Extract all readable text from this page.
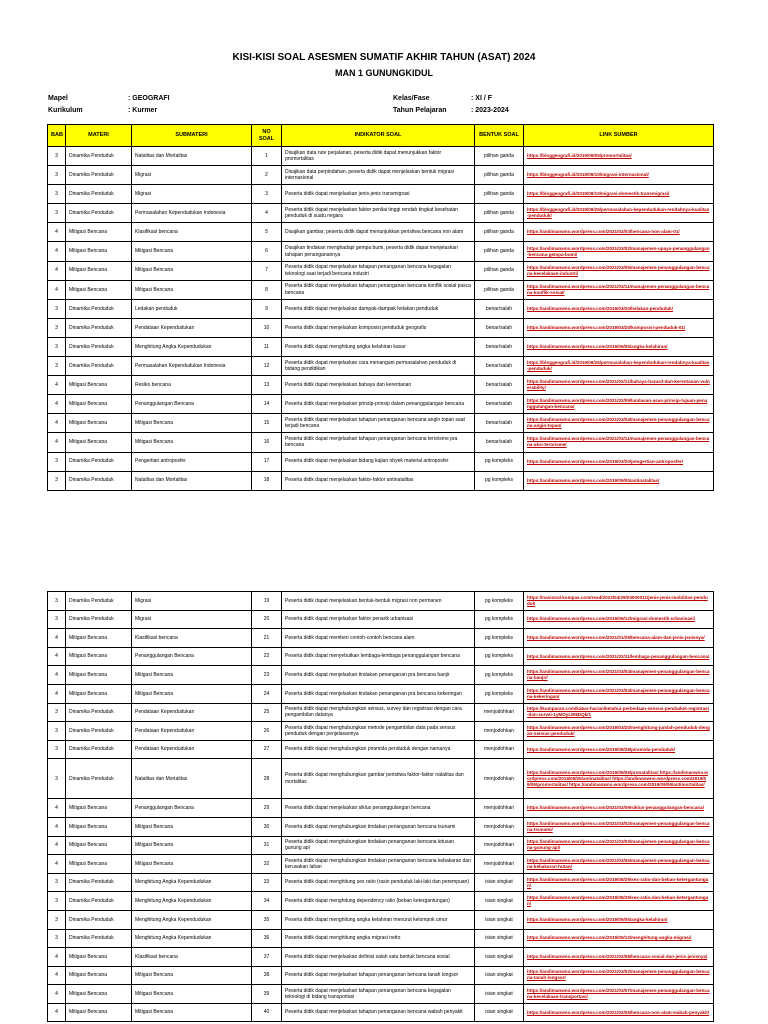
KISI-KISI SOAL ASESMEN SUMATIF AKHIR TAHUN (ASAT) 2024
MAN 1 GUNUNGKIDUL
Mapel	: GEOGRAFI
Kurikulum	: Kurmer
Kelas/Fase	: XI / F
Tahun Pelajaran	: 2023-2024
BAB	MATERI	SUBMATERI	NO SOAL	INDIKATOR SOAL	BENTUK SOAL	LINK SUMBER
3	Dinamika Penduduk	Natalitas dan Mortalitas	1	Disajikan data rute perjalanan, peserta didik dapat menunjukkan faktor promortalitas	pilihan ganda	https://bloggeografi.id/2019/09/05/promortalitas/
3	Dinamika Penduduk	Migrasi	2	Disajikan data perpindahan, peserta didik dapat menjelaskan bentuk migrasi internasional	pilihan ganda	https://bloggeografi.id/2019/09/10/migrasi-internasional/
3	Dinamika Penduduk	Migrasi	3	Peserta didik dapat menjelaskan jenis-jenis transmigrasi	pilihan ganda	https://bloggeografi.id/2019/09/10/migrasi-domestik-transmigrasi/
3	Dinamika Penduduk	Permasalahan Kependudukan Indonesia	4	Peserta didik dapat menjelaskan faktor penilai tinggi rendah tingkat kesehatan penduduk di suatu negara	pilihan ganda	https://bloggeografi.id/2019/09/26/permasalahan-kependudukan-rendahnya-kualitas-penduduk/
4	Mitigasi Bencana	Klasifikasi bencana	5	Disajikan gambar, peserta didik dapat menunjukkan peristiwa bencana non alam	pilihan ganda	https://andimanwno.wordpress.com/2021/02/03/bencana-non-alam-01/
4	Mitigasi Bencana	Mitigasi Bencana	6	Disajikan tindakan menghadapi gempa bumi, peserta didik dapat menjelaskan tahapan penanganannya	pilihan ganda	https://andimanwno.wordpress.com/2021/03/02/manajemen-upaya-penanggulangan-bencana-gempa-bumi/
4	Mitigasi Bencana	Mitigasi Bencana	7	Peserta didik dapat menjelaskan tahapan penanganan bencana kegagalan teknologi saat terjadi bencana industri	pilihan ganda	https://andimanwno.wordpress.com/2021/03/05/manajemen-penanggulangan-bencana-kecelakaan-industri/
4	Mitigasi Bencana	Mitigasi Bencana	8	Peserta didik dapat menjelaskan tahapan penanganan bencana konflik sosial pasca bencana	pilihan ganda	https://andimanwno.wordpress.com/2021/03/11/manajemen-penanggulangan-bencana-konflik-sosial/
3	Dinamika Penduduk	Ledakan penduduk	9	Peserta didik dapat menjelaskan dampak-dampak ledakan penduduk	benar/salah	https://andimanwno.wordpress.com/2019/03/20/ledakan-penduduk/
3	Dinamika Penduduk	Pendataan Kependudukan	10	Peserta didik dapat menjelaskan komposisi penduduk geografis	benar/salah	https://andimanwno.wordpress.com/2019/03/20/komposisi-penduduk-01/
3	Dinamika Penduduk	Menghitung Angka Kependudukan	11	Peserta didik dapat menghitung angka kelahiran kasar	benar/salah	https://andimanwno.wordpress.com/2019/09/05/angka-kelahiran/
3	Dinamika Penduduk	Permasalahan Kependudukan Indonesia	12	Peserta didik dapat menjelaskan cara menangani permasalahan penduduk di bidang pendidikan	benar/salah	https://bloggeografi.id/2019/09/26/permasalahan-kependudukan-rendahnya-kualitas-penduduk/
4	Mitigasi Bencana	Resiko bencana	13	Peserta didik dapat menjelaskan bahaya dan kerentanan	benar/salah	https://andimanwno.wordpress.com/2021/02/11/bahaya-hazard-dan-kerentanan-vulnerability/
4	Mitigasi Bencana	Penanggulangan Bencana	14	Peserta didik dapat menjelaskan prinsip-prinsip dalam penanggulangan bencana	benar/salah	https://andimanwno.wordpress.com/2021/02/09/landasan-asas-prinsip-tujuan-penanggulangan-bencana/
4	Mitigasi Bencana	Mitigasi Bencana	15	Peserta didik dapat menjelaskan tahapan penanganan bencana angin topan saat terjadi bencana	benar/salah	https://andimanwno.wordpress.com/2021/03/04/manajemen-penanggulangan-bencana-angin-topan/
4	Mitigasi Bencana	Mitigasi Bencana	16	Peserta didik dapat menjelaskan tahapan penanganan bencana terorisme pra bencana	benar/salah	https://andimanwno.wordpress.com/2021/03/11/manajemen-penanggulangan-bencana-aksi-terorisme/
3	Dinamika Penduduk	Pengertian antroposfer	17	Peserta didik dapat menjelaskan bidang kajian obyek material antroposfer	pg kompleks	https://andimanwno.wordpress.com/2019/03/20/pengertian-antroposfer/
3	Dinamika Penduduk	Natalitas dan Mortalitas	18	Peserta didik dapat menjelaskan faktor-faktor antinatalitas	pg kompleks	https://andimanwno.wordpress.com/2019/09/05/antinatalitas/
3	Dinamika Penduduk	Migrasi	19	Peserta didik dapat menjelaskan bentuk-bentuk migrasi non permanen	pg kompleks	https://nasional.kompas.com/read/2022/04/29/03000011/jenis-jenis-mobilitas-penduduk
3	Dinamika Penduduk	Migrasi	20	Peserta didik dapat menjelaskan faktor penarik urbanisasi	pg kompleks	https://andimanwno.wordpress.com/2019/09/12/migrasi-domestik-urbanisasi/
4	Mitigasi Bencana	Klasifikasi bencana	21	Peserta didik dapat memberi contoh-contoh bencana alam	pg kompleks	https://andimanwno.wordpress.com/2021/01/29/bencana-alam-dan-jenis-jenisnya/
4	Mitigasi Bencana	Penanggulangan Bencana	22	Peserta didik dapat menyebutkan lembaga-lembaga penanggulangan bencana	pg kompleks	https://andimanwno.wordpress.com/2021/02/11/lembaga-penanggulangan-bencana/
4	Mitigasi Bencana	Mitigasi Bencana	23	Peserta didik dapat menjelaskan tindakan penanganan pra bencana banjir	pg kompleks	https://andimanwno.wordpress.com/2021/03/04/manajemen-penanggulangan-bencana-banjir/
4	Mitigasi Bencana	Mitigasi Bencana	24	Peserta didik dapat menjelaskan tindakan penanganan pra bencana kekeringan	pg kompleks	https://andimanwno.wordpress.com/2021/03/04/manajemen-penanggulangan-bencana-kekeringan/
3	Dinamika Penduduk	Pendataan Kependudukan	25	Peserta didik dapat menghubungkan sensus, survey dan registrasi dengan cara pengambilan datanya	menjodohkan	https://kumparan.com/kabar-harian/ketahui-perbedaan-sensus-penduduk-registrasi-dan-survei-1yMOyLW8DQk/1
3	Dinamika Penduduk	Pendataan Kependudukan	26	Peserta didik dapat menghubungkan metode pengambilan data pada sensus penduduk dengan penjelasannya	menjodohkan	https://andimanwno.wordpress.com/2019/03/20/menghitung-jumlah-penduduk-dengan-sensus-penduduk/
3	Dinamika Penduduk	Pendataan Kependudukan	27	Peserta didik dapat menghubungkan piramida penduduk dengan namanya	menjodohkan	https://andimanwno.wordpress.com/2019/08/28/piramida-penduduk/
3	Dinamika Penduduk	Natalitas dan Mortalitas	28	Peserta didik dapat menghubungkan gambar peristiwa faktor-faktor natalitas dan mortalitas	menjodohkan	https://andimanwno.wordpress.com/2019/09/05/pronatalitas/ https://andimanwno.wordpress.com/2019/09/05/antinatalitas/ https://andimanwno.wordpress.com/2019/09/05/promortalitas/ https://andimanwno.wordpress.com/2019/09/06/antimortalitas/
4	Mitigasi Bencana	Penanggulangan Bencana	29	Peserta didik dapat menjelaskan siklus penanggulangan bencana	menjodohkan	https://andimanwno.wordpress.com/2021/02/09/siklus-penanggulangan-bencana/
4	Mitigasi Bencana	Mitigasi Bencana	30	Peserta didik dapat menghubungkan tindakan penanganan bencana tsunami	menjodohkan	https://andimanwno.wordpress.com/2021/03/02/manajemen-penanggulangan-bencana-tsunami/
4	Mitigasi Bencana	Mitigasi Bencana	31	Peserta didik dapat menghubungkan tindakan penanganan bencana letusan gunung api	menjodohkan	https://andimanwno.wordpress.com/2021/03/03/manajemen-penanggulangan-bencana-gunung-api/
4	Mitigasi Bencana	Mitigasi Bencana	32	Peserta didik dapat menghubungkan tindakan penanganan bencana kebakaran dan kerusakan lahan	menjodohkan	https://andimanwno.wordpress.com/2021/03/05/manajemen-penanggulangan-bencana-kebakaran-hutan/
3	Dinamika Penduduk	Menghitung Angka Kependudukan	33	Peserta didik dapat menghitung sex ratio (rasio penduduk laki-laki dan perempuan)	isian singkat	https://andimanwno.wordpress.com/2019/08/29/sex-ratio-dan-beban-ketergantungan/
3	Dinamika Penduduk	Menghitung Angka Kependudukan	34	Peserta didik dapat menghitung dependency ratio (beban ketergantungan)	isian singkat	https://andimanwno.wordpress.com/2019/08/29/sex-ratio-dan-beban-ketergantungan/
3	Dinamika Penduduk	Menghitung Angka Kependudukan	35	Peserta didik dapat menghitung angka kelahiran menurut kelompok umur	isian singkat	https://andimanwno.wordpress.com/2019/09/05/angka-kelahiran/
3	Dinamika Penduduk	Menghitung Angka Kependudukan	36	Peserta didik dapat menghitung angka migrasi netto	isian singkat	https://andimanwno.wordpress.com/2019/09/12/menghitung-angka-migrasi/
4	Mitigasi Bencana	Klasifikasi bencana	37	Peserta didik dapat menjelaskan definisi salah satu bentuk bencana sosial	isian singkat	https://andimanwno.wordpress.com/2021/02/08/bencana-sosial-dan-jenis-jenisnya/
4	Mitigasi Bencana	Mitigasi Bencana	38	Peserta didik dapat menjelaskan tahapan penanganan bencana tanah longsor	isian singkat	https://andimanwno.wordpress.com/2021/03/02/manajemen-penanggulangan-bencana-tanah-longsor/
4	Mitigasi Bencana	Mitigasi Bencana	39	Peserta didik dapat menjelaskan tahapan penanganan bencana kegagalan teknologi di bidang transportasi	isian singkat	https://andimanwno.wordpress.com/2021/03/07/manajemen-penanggulangan-bencana-kecelakaan-transportasi/
4	Mitigasi Bencana	Mitigasi Bencana	40	Peserta didik dapat menjelaskan tahapan penanganan bencana wabah penyakit	isian singkat	https://andimanwno.wordpress.com/2021/02/05/bencana-non-alam-wabah-penyakit/
